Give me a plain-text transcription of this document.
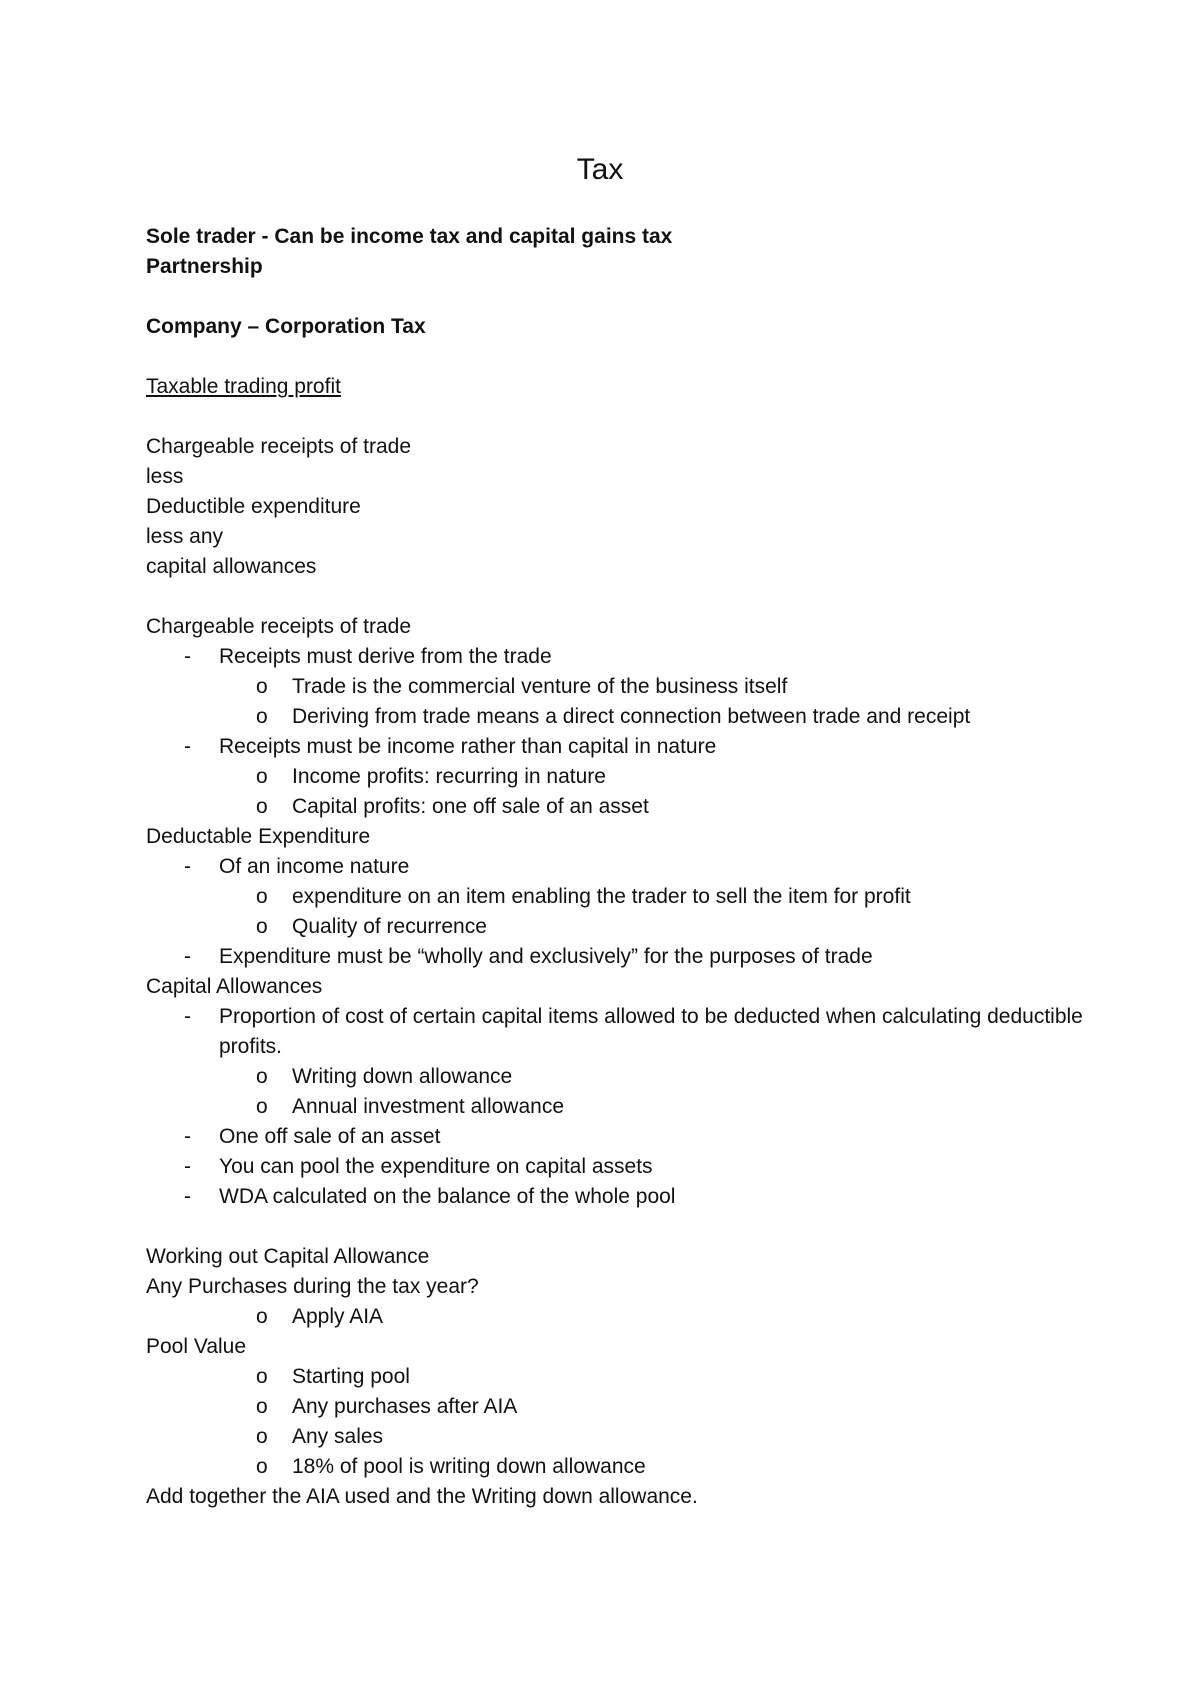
Tax
Sole trader - Can be income tax and capital gains tax
Partnership
Company – Corporation Tax
Taxable trading profit
Chargeable receipts of trade
less
Deductible expenditure
less any
capital allowances
Chargeable receipts of trade
- Receipts must derive from the trade
o Trade is the commercial venture of the business itself
o Deriving from trade means a direct connection between trade and receipt
- Receipts must be income rather than capital in nature
o Income profits: recurring in nature
o Capital profits: one off sale of an asset
Deductable Expenditure
- Of an income nature
o expenditure on an item enabling the trader to sell the item for profit
o Quality of recurrence
- Expenditure must be “wholly and exclusively” for the purposes of trade
Capital Allowances
- Proportion of cost of certain capital items allowed to be deducted when calculating deductible profits.
o Writing down allowance
o Annual investment allowance
- One off sale of an asset
- You can pool the expenditure on capital assets
- WDA calculated on the balance of the whole pool
Working out Capital Allowance
Any Purchases during the tax year?
o Apply AIA
Pool Value
o Starting pool
o Any purchases after AIA
o Any sales
o 18% of pool is writing down allowance
Add together the AIA used and the Writing down allowance.
